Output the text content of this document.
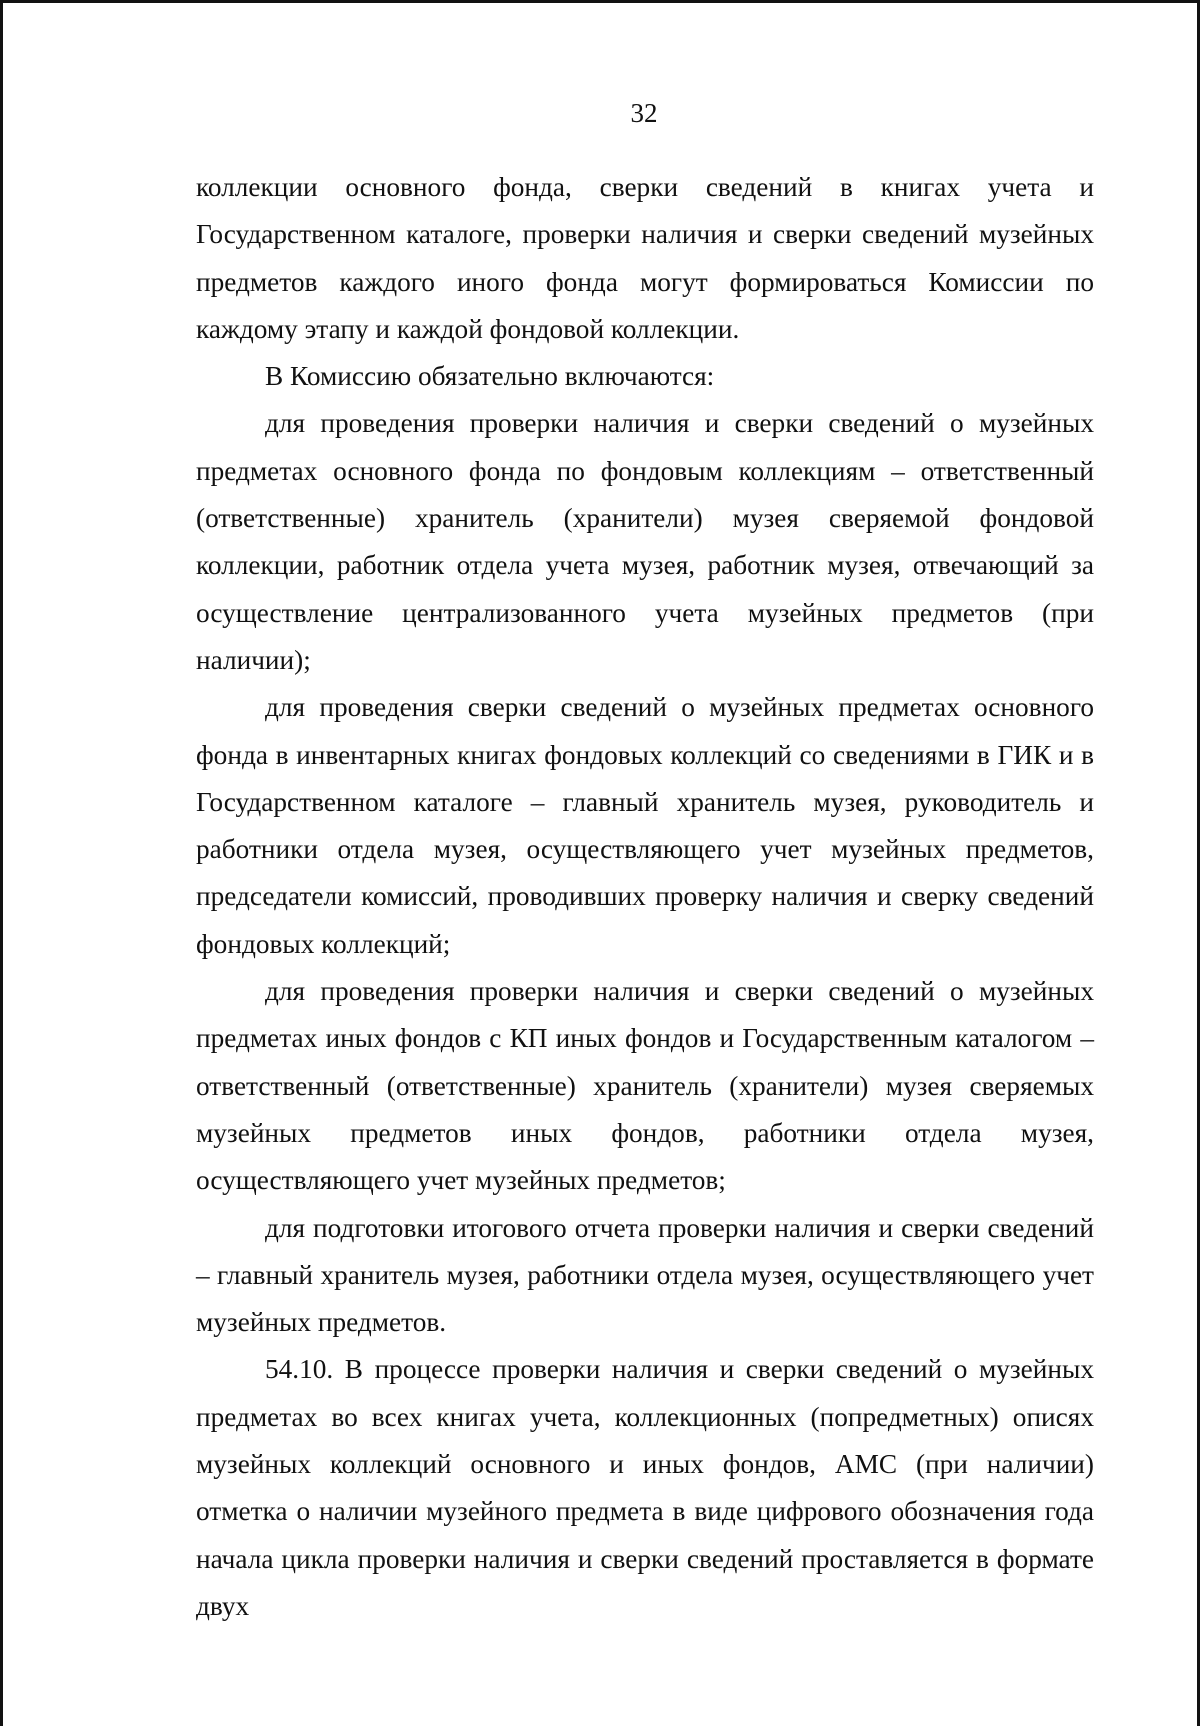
32

коллекции основного фонда, сверки сведений в книгах учета и Государственном каталоге, проверки наличия и сверки сведений музейных предметов каждого иного фонда могут формироваться Комиссии по каждому этапу и каждой фондовой коллекции.

В Комиссию обязательно включаются:

для проведения проверки наличия и сверки сведений о музейных предметах основного фонда по фондовым коллекциям – ответственный (ответственные) хранитель (хранители) музея сверяемой фондовой коллекции, работник отдела учета музея, работник музея, отвечающий за осуществление централизованного учета музейных предметов (при наличии);

для проведения сверки сведений о музейных предметах основного фонда в инвентарных книгах фондовых коллекций со сведениями в ГИК и в Государственном каталоге – главный хранитель музея, руководитель и работники отдела музея, осуществляющего учет музейных предметов, председатели комиссий, проводивших проверку наличия и сверку сведений фондовых коллекций;

для проведения проверки наличия и сверки сведений о музейных предметах иных фондов с КП иных фондов и Государственным каталогом – ответственный (ответственные) хранитель (хранители) музея сверяемых музейных предметов иных фондов, работники отдела музея, осуществляющего учет музейных предметов;

для подготовки итогового отчета проверки наличия и сверки сведений – главный хранитель музея, работники отдела музея, осуществляющего учет музейных предметов.

54.10. В процессе проверки наличия и сверки сведений о музейных предметах во всех книгах учета, коллекционных (попредметных) описях музейных коллекций основного и иных фондов, АМС (при наличии) отметка о наличии музейного предмета в виде цифрового обозначения года начала цикла проверки наличия и сверки сведений проставляется в формате двух
